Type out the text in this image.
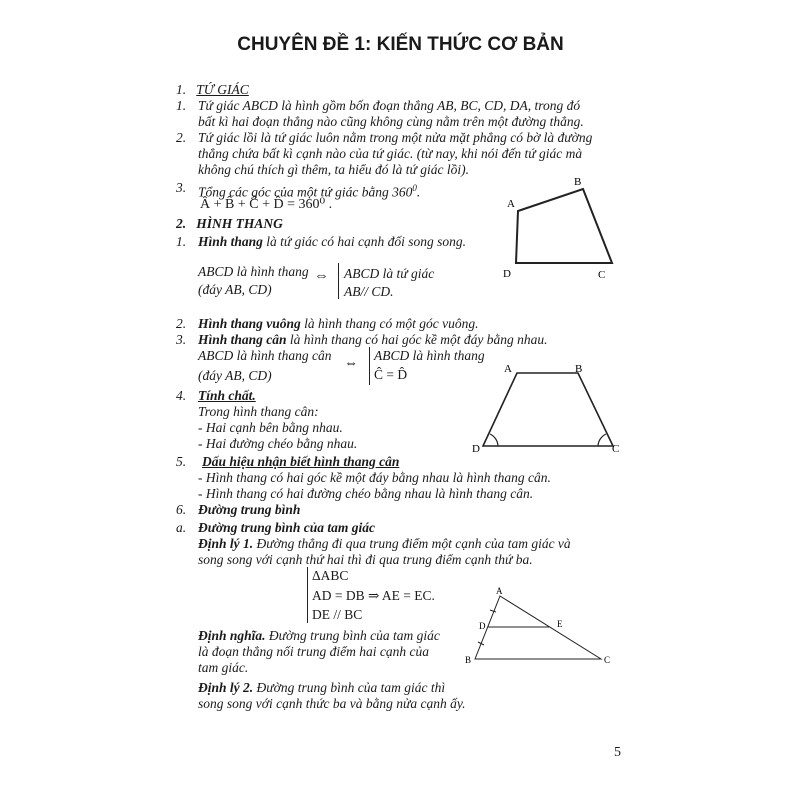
CHUYÊN ĐỀ 1: KIẾN THỨC CƠ BẢN
1. TỨ GIÁC
1. Tứ giác ABCD là hình gồm bốn đoạn thẳng AB, BC, CD, DA, trong đó
bất kì hai đoạn thẳng nào cũng không cùng nằm trên một đường thẳng.
2. Tứ giác lồi là tứ giác luôn nằm trong một nửa mặt phẳng có bờ là đường
thẳng chứa bất kì cạnh nào của tứ giác. (từ nay, khi nói đến tứ giác mà
không chú thích gì thêm, ta hiểu đó là tứ giác lồi).
3. Tổng các góc của một tứ giác bằng $360^0$.
Â + B̂ + Ĉ + D̂ = 360⁰ .
2. HÌNH THANG
1. Hình thang là tứ giác có hai cạnh đối song song.
ABCD là hình thang
(đáy AB, CD)
⇔ ABCD là tứ giác
AB// CD.
2. Hình thang vuông là hình thang có một góc vuông.
3. Hình thang cân là hình thang có hai góc kề một đáy bằng nhau.
ABCD là hình thang cân
(đáy AB, CD)
⇔
ABCD là hình thang
Ĉ = D̂
4. Tính chất.
Trong hình thang cân:
- Hai cạnh bên bằng nhau.
- Hai đường chéo bằng nhau.
5. Dấu hiệu nhận biết hình thang cân
- Hình thang có hai góc kề một đáy bằng nhau là hình thang cân.
- Hình thang có hai đường chéo bằng nhau là hình thang cân.
6. Đường trung bình
a. Đường trung bình của tam giác
Định lý 1. Đường thẳng đi qua trung điểm một cạnh của tam giác và
song song với cạnh thứ hai thì đi qua trung điểm cạnh thứ ba.
ΔABC
AD = DB ⇒ AE = EC.
DE // BC
Định nghĩa. Đường trung bình của tam giác
là đoạn thẳng nối trung điểm hai cạnh của
tam giác.
Định lý 2. Đường trung bình của tam giác thì
song song với cạnh thức ba và bằng nửa cạnh ấy.
A
B
C
D
A	B
C
D
A
B	C
D	E
5
